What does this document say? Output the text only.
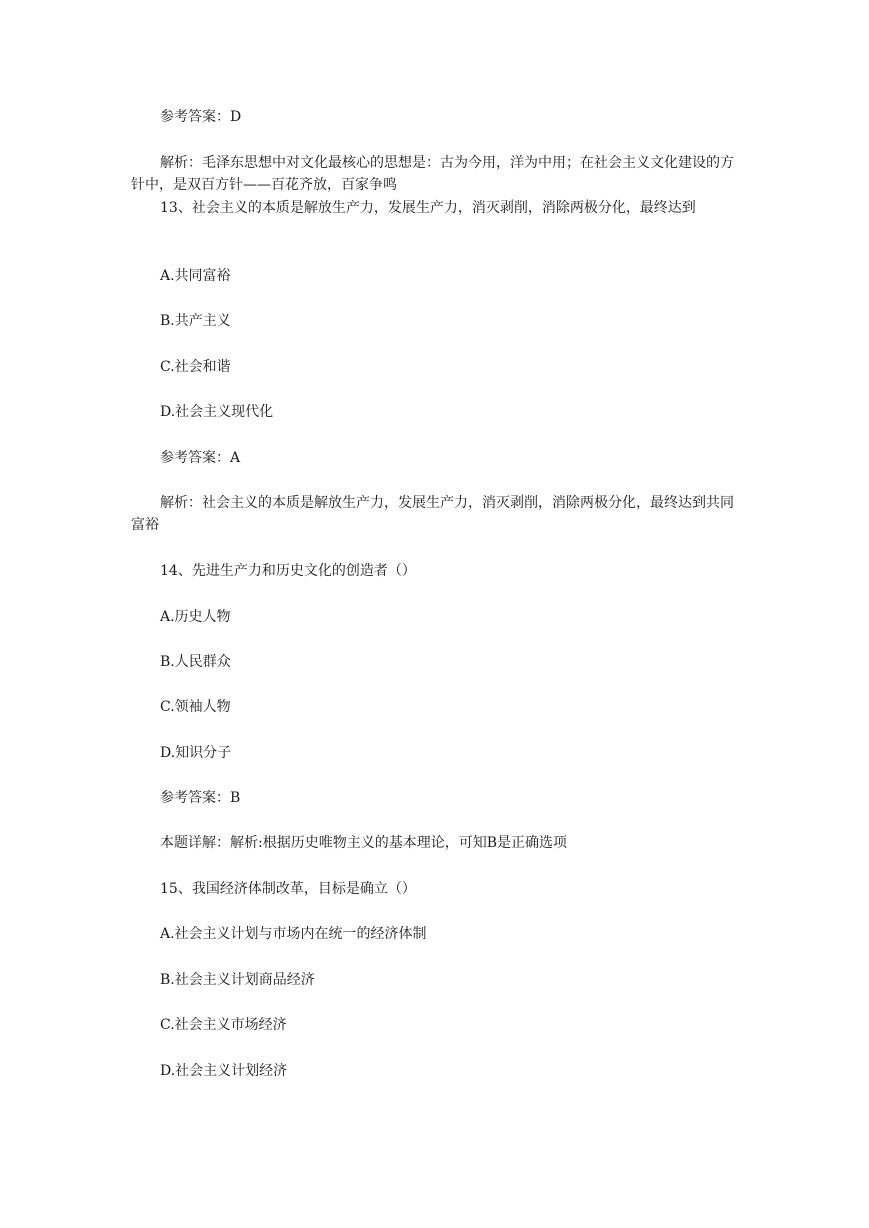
参考答案：D

解析：毛泽东思想中对文化最核心的思想是：古为今用，洋为中用；在社会主义文化建设的方针中，是双百方针——百花齐放，百家争鸣

13、社会主义的本质是解放生产力，发展生产力，消灭剥削，消除两极分化，最终达到

A.共同富裕

B.共产主义

C.社会和谐

D.社会主义现代化

参考答案：A

解析：社会主义的本质是解放生产力，发展生产力，消灭剥削，消除两极分化，最终达到共同富裕

14、先进生产力和历史文化的创造者（）

A.历史人物

B.人民群众

C.领袖人物

D.知识分子

参考答案：B

本题详解：解析:根据历史唯物主义的基本理论，可知B是正确选项

15、我国经济体制改革，目标是确立（）

A.社会主义计划与市场内在统一的经济体制

B.社会主义计划商品经济

C.社会主义市场经济

D.社会主义计划经济
